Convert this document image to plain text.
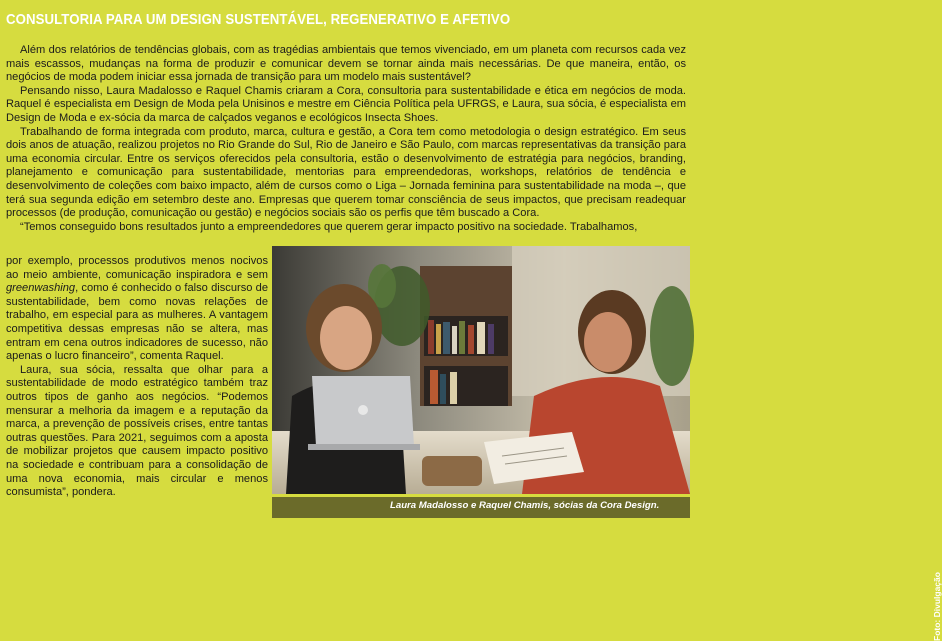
CONSULTORIA PARA UM DESIGN SUSTENTÁVEL, REGENERATIVO E AFETIVO

Além dos relatórios de tendências globais, com as tragédias ambientais que temos vivenciado, em um planeta com recursos cada vez mais escassos, mudanças na forma de produzir e comunicar devem se tornar ainda mais necessárias. De que maneira, então, os negócios de moda podem iniciar essa jornada de transição para um modelo mais sustentável?

Pensando nisso, Laura Madalosso e Raquel Chamis criaram a Cora, consultoria para sustentabilidade e ética em negócios de moda. Raquel é especialista em Design de Moda pela Unisinos e mestre em Ciência Política pela UFRGS, e Laura, sua sócia, é especialista em Design de Moda e ex-sócia da marca de calçados veganos e ecológicos Insecta Shoes.

Trabalhando de forma integrada com produto, marca, cultura e gestão, a Cora tem como metodologia o design estratégico. Em seus dois anos de atuação, realizou projetos no Rio Grande do Sul, Rio de Janeiro e São Paulo, com marcas representativas da transição para uma economia circular. Entre os serviços oferecidos pela consultoria, estão o desenvolvimento de estratégia para negócios, branding, planejamento e comunicação para sustentabilidade, mentorias para empreendedoras, workshops, relatórios de tendência e desenvolvimento de coleções com baixo impacto, além de cursos como o Liga – Jornada feminina para sustentabilidade na moda –, que terá sua segunda edição em setembro deste ano. Empresas que querem tomar consciência de seus impactos, que precisam readequar processos (de produção, comunicação ou gestão) e negócios sociais são os perfis que têm buscado a Cora.

“Temos conseguido bons resultados junto a empreendedores que querem gerar impacto positivo na sociedade. Trabalhamos,

por exemplo, processos produtivos menos nocivos ao meio ambiente, comunicação inspiradora e sem greenwashing, como é conhecido o falso discurso de sustentabilidade, bem como novas relações de trabalho, em especial para as mulheres. A vantagem competitiva dessas empresas não se altera, mas entram em cena outros indicadores de sucesso, não apenas o lucro financeiro”, comenta Raquel.

Laura, sua sócia, ressalta que olhar para a sustentabilidade de modo estratégico também traz outros tipos de ganho aos negócios. “Podemos mensurar a melhoria da imagem e a reputação da marca, a prevenção de possíveis crises, entre tantas outras questões. Para 2021, seguimos com a aposta de mobilizar projetos que causem impacto positivo na sociedade e contribuam para a consolidação de uma nova economia, mais circular e menos consumista”, pondera.

Foto: Divulgação
Laura Madalosso e Raquel Chamis, sócias da Cora Design.
